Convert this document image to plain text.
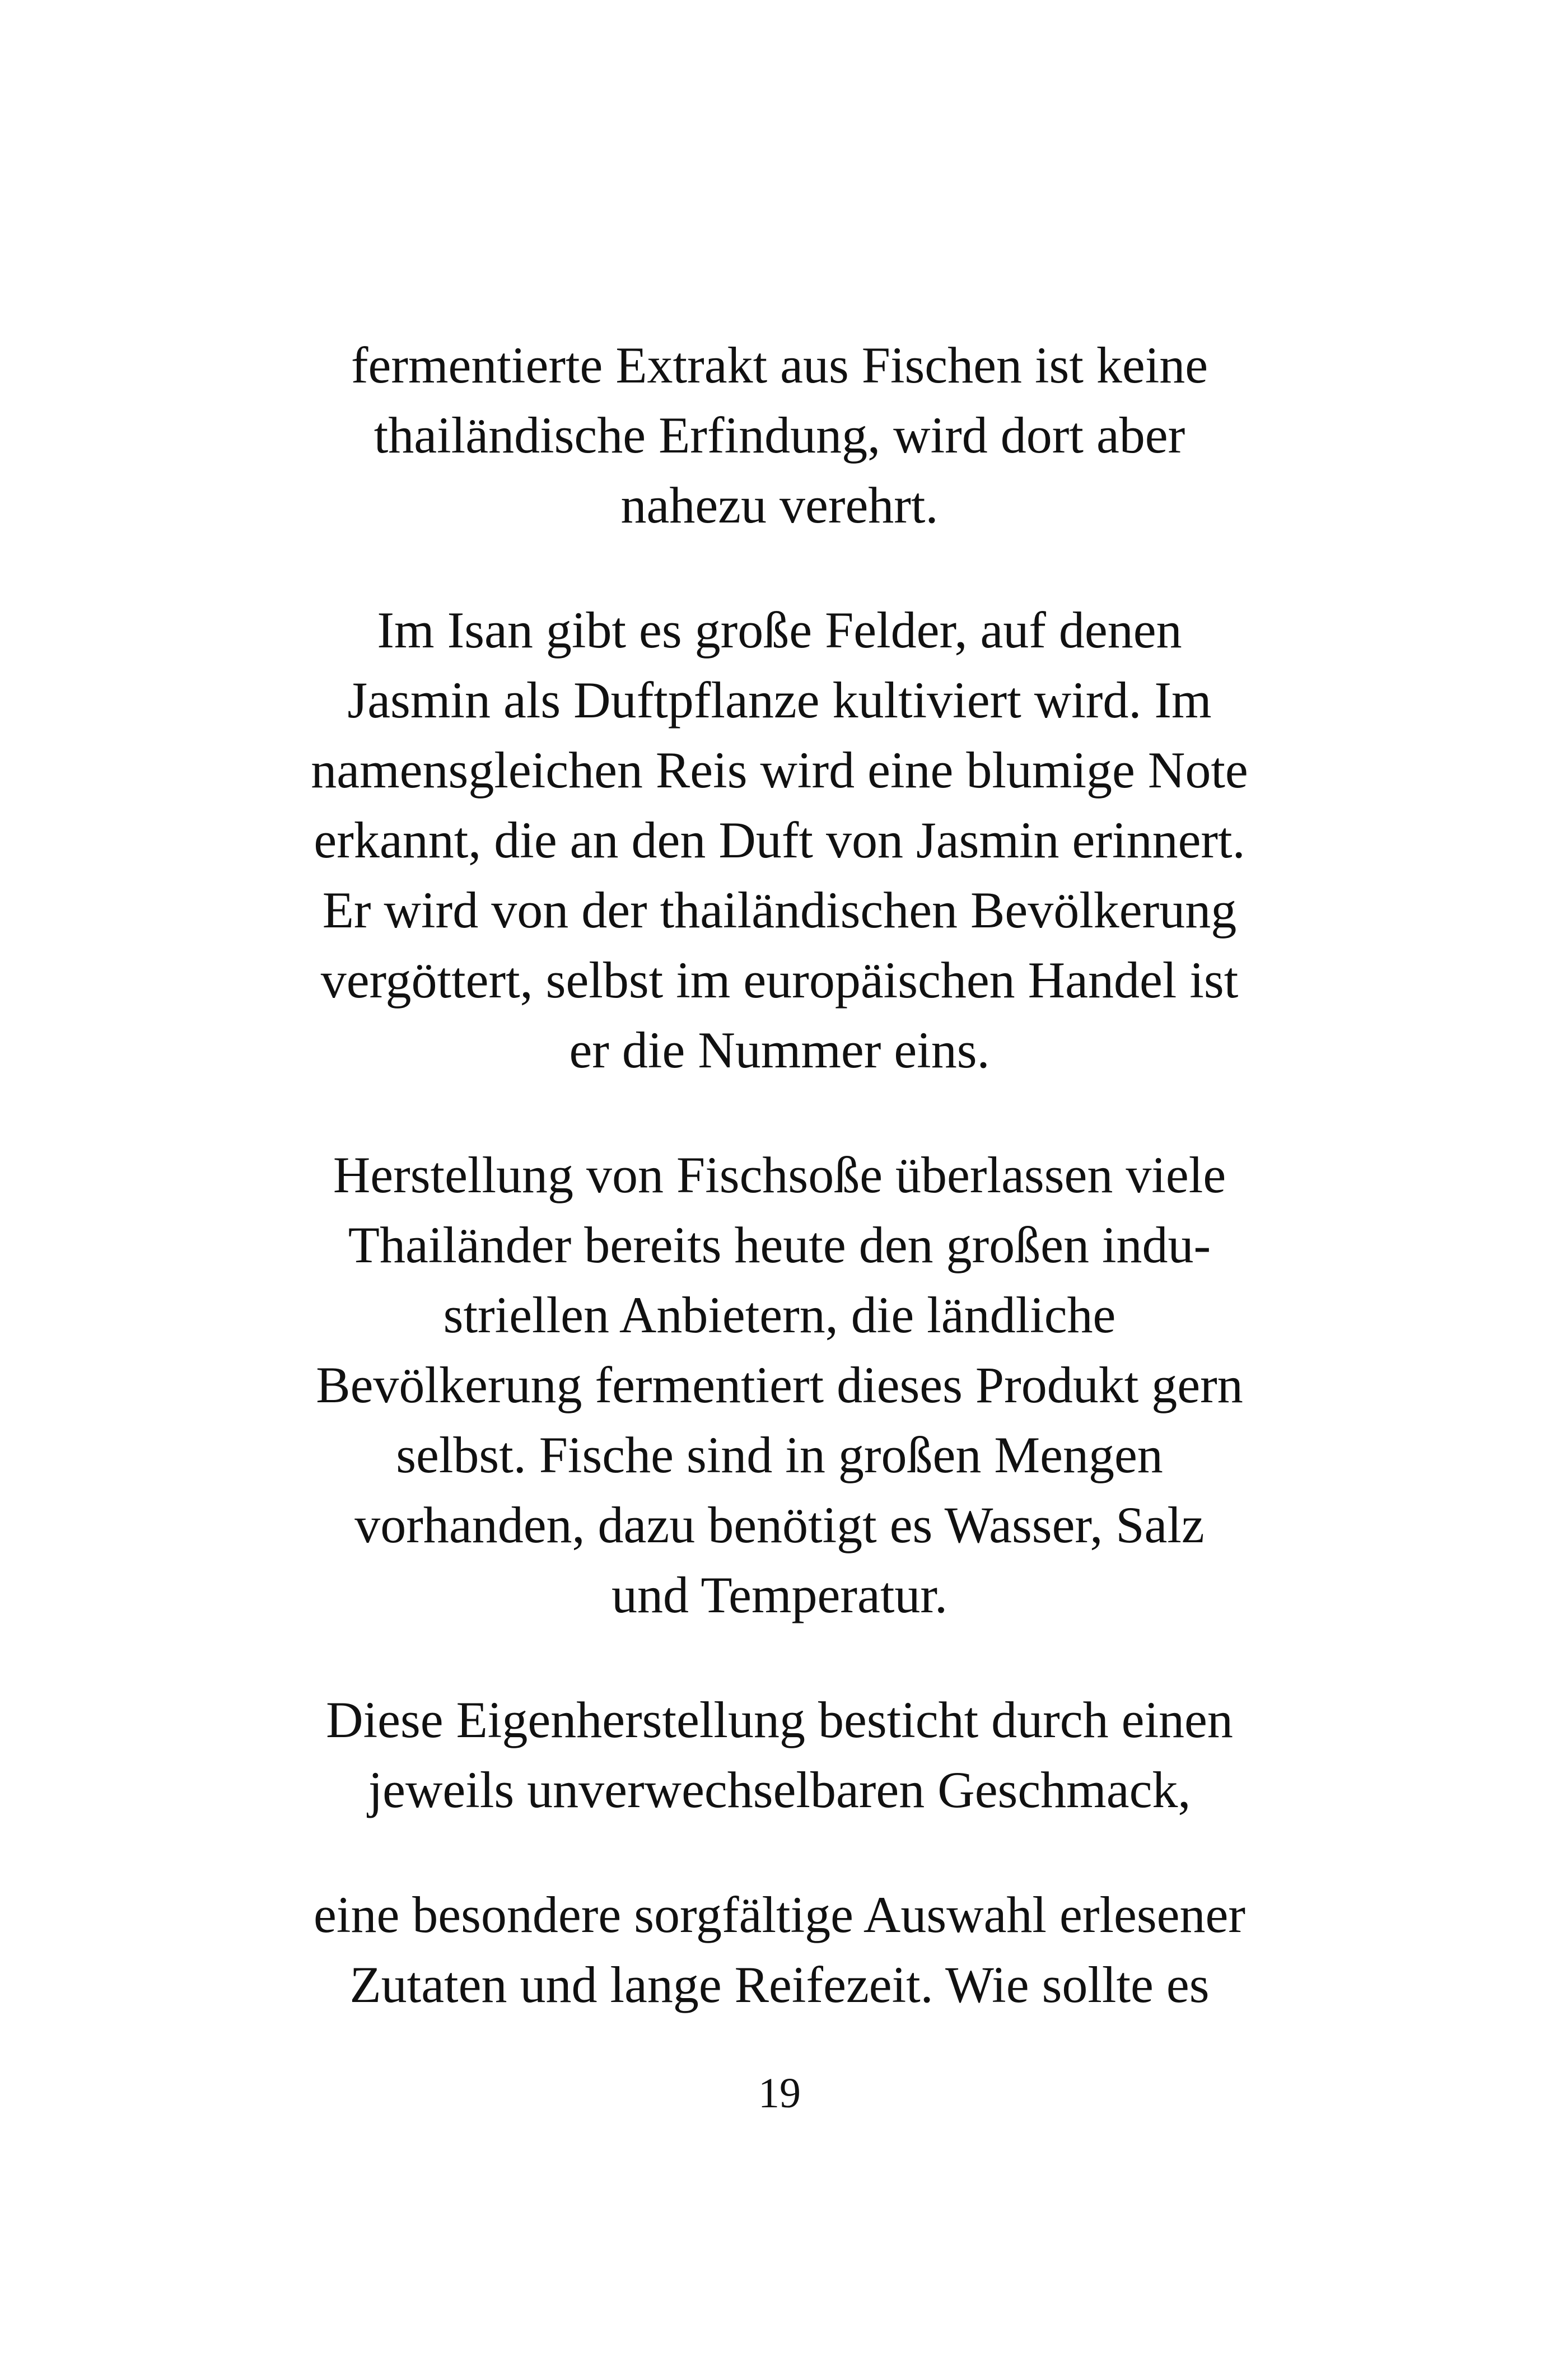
fermentierte Extrakt aus Fischen ist keine
thailändische Erfindung, wird dort aber
nahezu verehrt.

Im Isan gibt es große Felder, auf denen
Jasmin als Duftpflanze kultiviert wird. Im
namensgleichen Reis wird eine blumige Note
erkannt, die an den Duft von Jasmin erinnert.
Er wird von der thailändischen Bevölkerung
vergöttert, selbst im europäischen Handel ist
er die Nummer eins.

Herstellung von Fischsoße überlassen viele
Thailänder bereits heute den großen indu-
striellen Anbietern, die ländliche
Bevölkerung fermentiert dieses Produkt gern
selbst. Fische sind in großen Mengen
vorhanden, dazu benötigt es Wasser, Salz
und Temperatur.

Diese Eigenherstellung besticht durch einen
jeweils unverwechselbaren Geschmack,

eine besondere sorgfältige Auswahl erlesener
Zutaten und lange Reifezeit. Wie sollte es

19
